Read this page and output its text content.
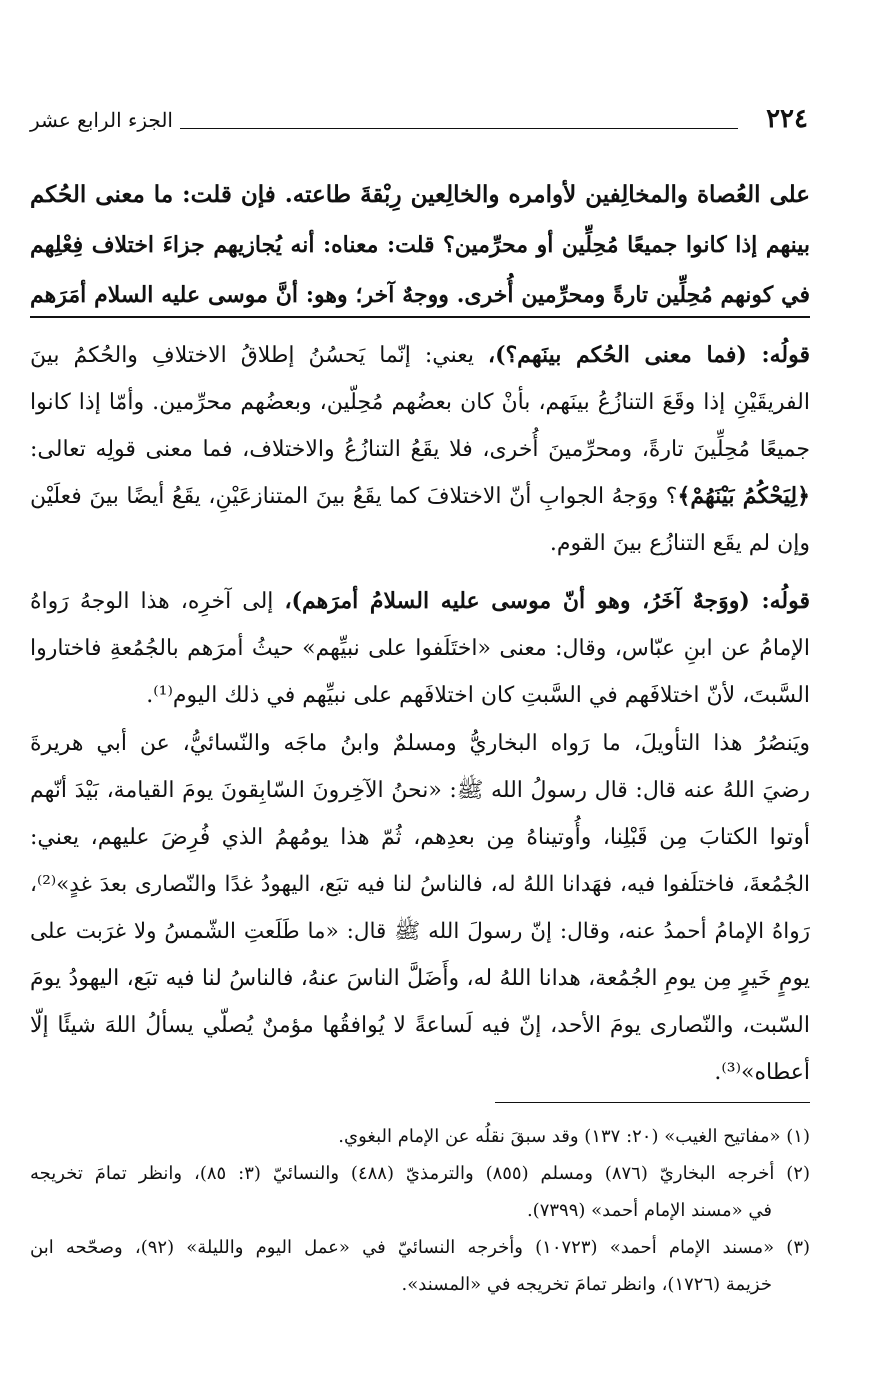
٢٢٤
الجزء الرابع عشر
على العُصاة والمخالِفين لأوامره والخالِعين رِبْقةَ طاعته. فإن قلت: ما معنى الحُكم
بينهم إذا كانوا جميعًا مُحِلِّين أو محرِّمين؟ قلت: معناه: أنه يُجازيهم جزاءَ اختلاف فِعْلِهم
في كونهم مُحِلِّين تارةً ومحرِّمين أُخرى. ووجهٌ آخر؛ وهو: أنَّ موسى عليه السلام أمَرَهم
قولُه: (فما معنى الحُكم بينَهم؟)، يعني: إنّما يَحسُنُ إطلاقُ الاختلافِ والحُكمُ بينَ
الفريقَيْنِ إذا وقَعَ التنازُعُ بينَهم، بأنْ كان بعضُهم مُحِلّين، وبعضُهم محرِّمين. وأمّا إذا كانوا
جميعًا مُحِلِّينَ تارةً، ومحرِّمينَ أُخرى، فلا يقَعُ التنازُعُ والاختلاف، فما معنى قولِه تعالى:
﴿لِيَحْكُمُ بَيْنَهُمْ﴾؟ ووَجهُ الجوابِ أنّ الاختلافَ كما يقَعُ بينَ المتنازعَيْنِ، يقَعُ أيضًا بينَ فعلَيْن
وإن لم يقَع التنازُع بينَ القوم.
قولُه: (ووَجهٌ آخَرُ، وهو أنّ موسى عليه السلامُ أمرَهم)، إلى آخرِه، هذا الوجهُ رَواهُ
الإمامُ عن ابنِ عبّاس، وقال: معنى «اختَلَفوا على نبيِّهم» حيثُ أمرَهم بالجُمُعةِ فاختاروا
السَّبتَ، لأنّ اختلافَهم في السَّبتِ كان اختلافَهم على نبيِّهم في ذلك اليوم⁽¹⁾.
ويَنصُرُ هذا التأويلَ، ما رَواه البخاريُّ ومسلمٌ وابنُ ماجَه والنّسائيُّ، عن أبي هريرةَ
رضيَ اللهُ عنه قال: قال رسولُ الله ﷺ: «نحنُ الآخِرونَ السّابِقونَ يومَ القيامة، بَيْدَ أنّهم
أوتوا الكتابَ مِن قَبْلِنا، وأُوتيناهُ مِن بعدِهم، ثُمّ هذا يومُهمُ الذي فُرِضَ عليهم، يعني:
الجُمُعةَ، فاختلَفوا فيه، فهَدانا اللهُ له، فالناسُ لنا فيه تبَع، اليهودُ غدًا والنّصارى بعدَ غدٍ»⁽²⁾،
رَواهُ الإمامُ أحمدُ عنه، وقال: إنّ رسولَ الله ﷺ قال: «ما طَلَعتِ الشّمسُ ولا غرَبت على
يومٍ خَيرٍ مِن يومِ الجُمُعة، هدانا اللهُ له، وأَضَلَّ الناسَ عنهُ، فالناسُ لنا فيه تبَع، اليهودُ يومَ
السّبت، والنّصارى يومَ الأحد، إنّ فيه لَساعةً لا يُوافقُها مؤمنٌ يُصلّي يسألُ اللهَ شيئًا إلّا
أعطاه»⁽³⁾.
(١) «مفاتيح الغيب» (٢٠: ١٣٧) وقد سبقَ نقلُه عن الإمام البغوي.
(٢) أخرجه البخاريّ (٨٧٦) ومسلم (٨٥٥) والترمذيّ (٤٨٨) والنسائيّ (٣: ٨٥)، وانظر تمامَ تخريجه
في «مسند الإمام أحمد» (٧٣٩٩).
(٣) «مسند الإمام أحمد» (١٠٧٢٣) وأخرجه النسائيّ في «عمل اليوم والليلة» (٩٢)، وصحّحه ابن
خزيمة (١٧٢٦)، وانظر تمامَ تخريجه في «المسند».
